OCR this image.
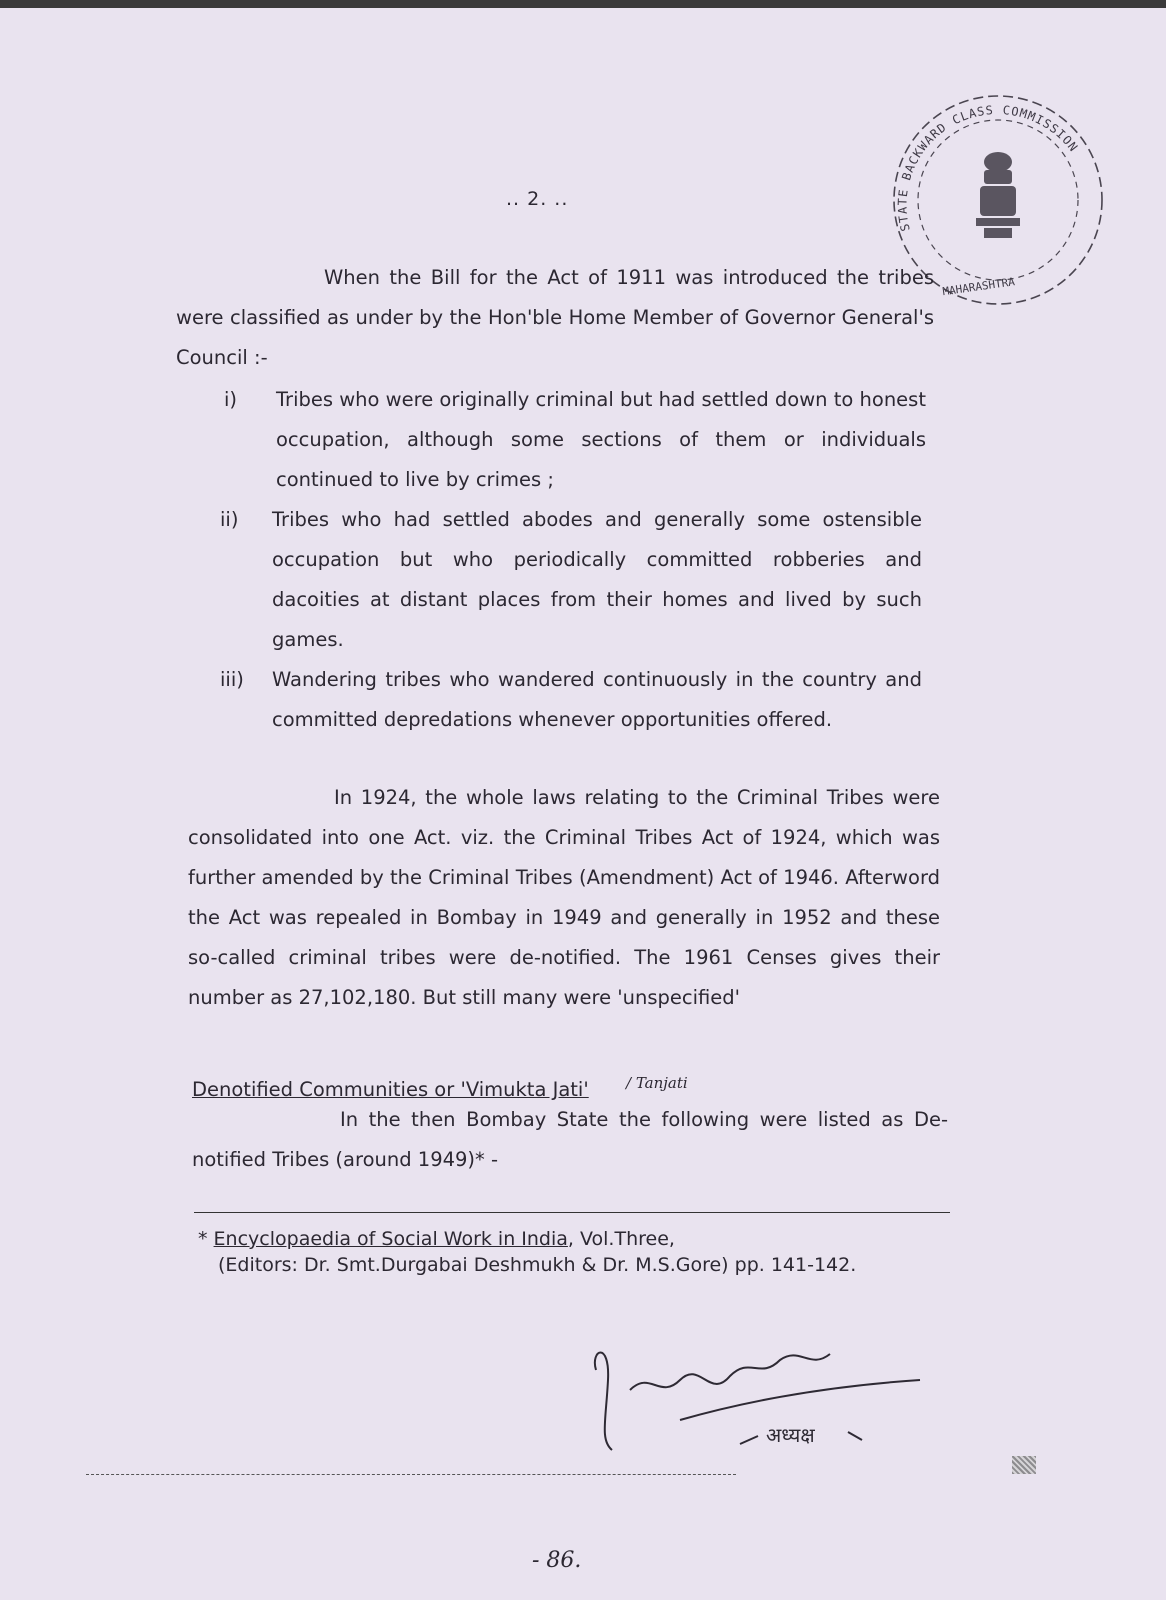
.. 2. ..
STATE BACKWARD CLASS COMMISSION
MAHARASHTRA
When the Bill for the Act of 1911 was introduced the tribes were classified as under by the Hon'ble Home Member of Governor General's Council :-
i)	Tribes who were originally criminal but had settled down to honest occupation, although some sections of them or individuals continued to live by crimes ;
ii)	Tribes who had settled abodes and generally some ostensible occupation but who periodically committed robberies and dacoities at distant places from their homes and lived by such games.
iii)	Wandering tribes who wandered continuously in the country and committed depredations whenever opportunities offered.
In 1924, the whole laws relating to the Criminal Tribes were consolidated into one Act. viz. the Criminal Tribes Act of 1924, which was further amended by the Criminal Tribes (Amendment) Act of 1946. Afterword the Act was repealed in Bombay in 1949 and generally in 1952 and these so-called criminal tribes were de-notified. The 1961 Censes gives their number as 27,102,180. But still many were 'unspecified'
Denotified Communities or 'Vimukta Jati' / Tanjati
In the then Bombay State the following were listed as De-notified Tribes (around 1949)* -
* Encyclopaedia of Social Work in India, Vol.Three,
(Editors: Dr. Smt.Durgabai Deshmukh & Dr. M.S.Gore) pp. 141-142.
अध्यक्ष
- 86.
